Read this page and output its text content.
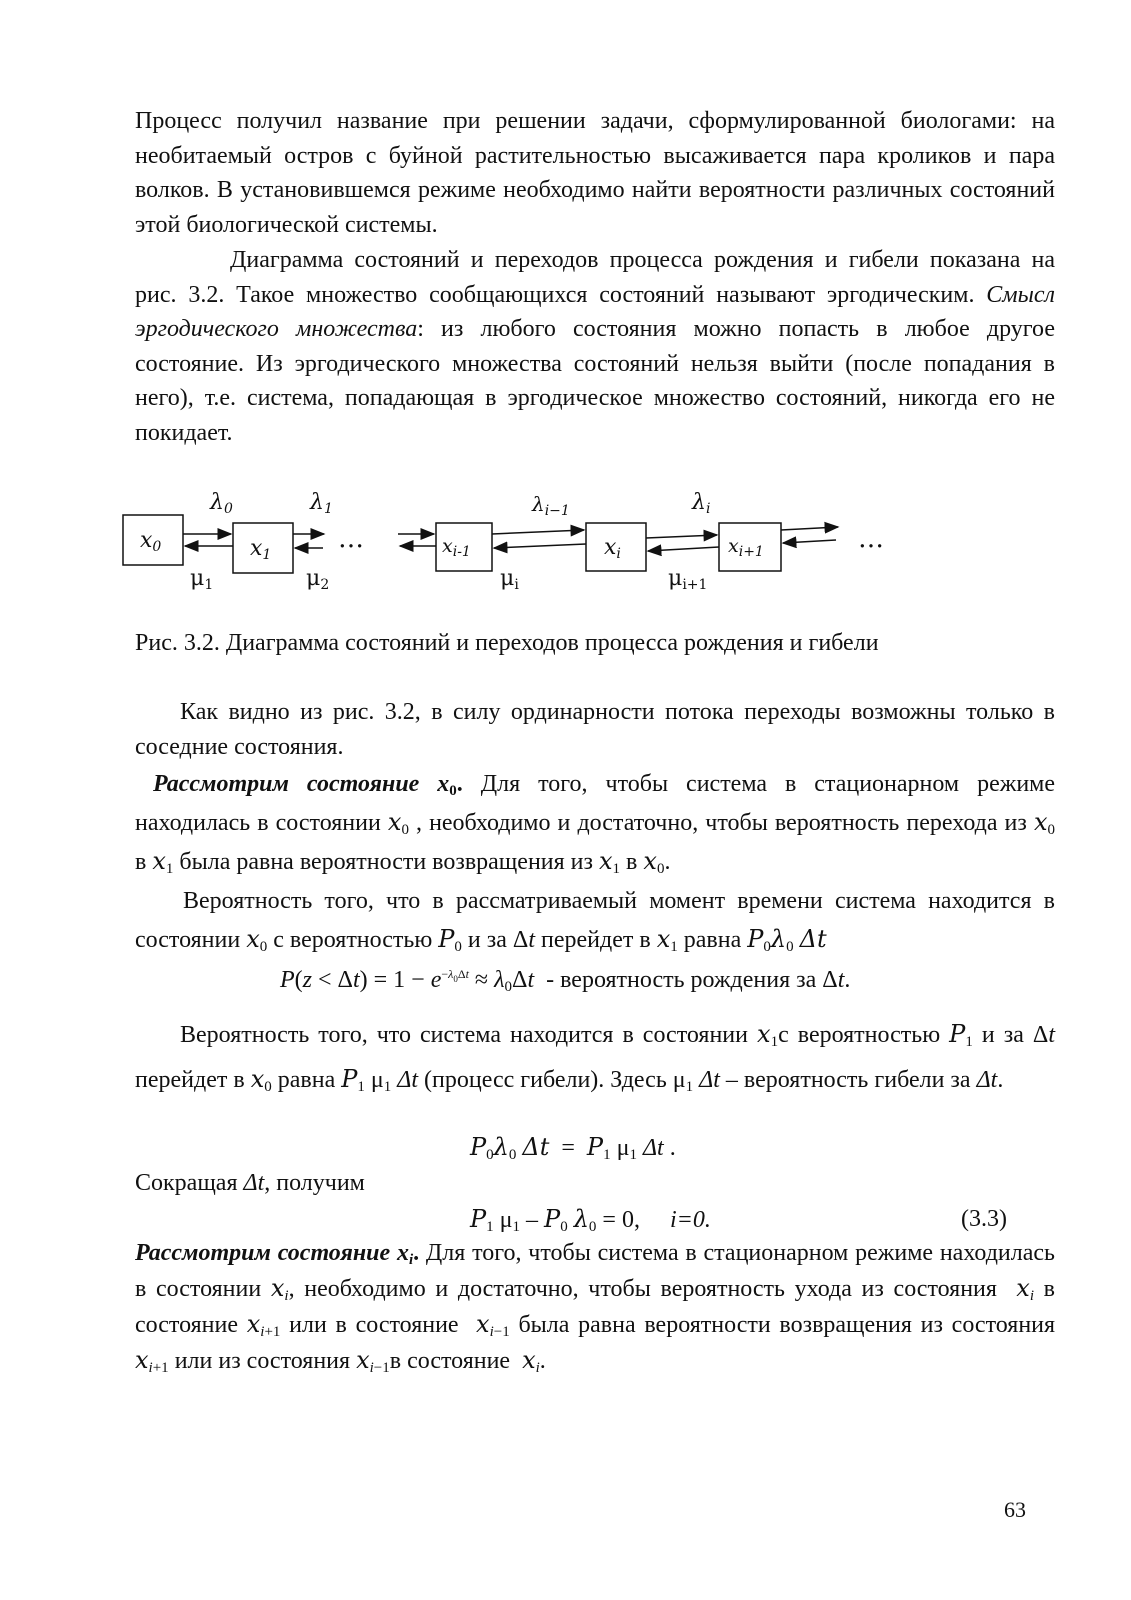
Процесс получил название при решении задачи, сформулированной биологами: на необитаемый остров с буйной растительностью высаживается пара кроликов и пара волков. В установившемся режиме необходимо найти вероятности различных состояний этой биологической системы.

Диаграмма состояний и переходов процесса рождения и гибели показана на рис. 3.2. Такое множество сообщающихся состояний называют эргодическим. Смысл эргодического множества: из любого состояния можно попасть в любое другое состояние. Из эргодического множества состояний нельзя выйти (после попадания в него), т.е. система, попадающая в эргодическое множество состояний, никогда его не покидает.

$x_0$	$x_1$	$x_{i-1}$	$x_i$	$x_{i+1}$
$\lambda_0$	$\lambda_1$	$\lambda_{i-1}$	$\lambda_i$
$\mu_1$	$\mu_2$	$\mu_i$	$\mu_{i+1}$
…	…

Рис. 3.2. Диаграмма состояний и переходов процесса рождения и гибели

Как видно из рис. 3.2, в силу ординарности потока переходы возможны только в соседние состояния.

Рассмотрим состояние $x_0$. Для того, чтобы система в стационарном режиме находилась в состоянии $x_0$ , необходимо и достаточно, чтобы вероятность перехода из $x_0$ в $x_1$ была равна вероятности возвращения из $x_1$ в $x_0$.

Вероятность того, что в рассматриваемый момент времени система находится в состоянии $x_0$ с вероятностью $P_0$ и за Δt перейдет в $x_1$ равна $P_0\lambda_0$ Δt

$P(z < \Delta t) = 1 - e^{-\lambda_0\Delta t} \approx \lambda_0\Delta t$ - вероятность рождения за Δt.

Вероятность того, что система находится в состоянии $x_1с$ вероятностью $P_1$ и за Δt перейдет в $x_0$ равна $P_1$ $\mu_1$ Δt (процесс гибели). Здесь $\mu_1$ Δt – вероятность гибели за Δt.

$P_0\lambda_0$ $\Delta t = P_1$ $\mu_1$ Δt .

Сокращая Δt, получим

$P_1$ $\mu_1 - P_0$ $\lambda_0 = 0$,     i=0.	(3.3)

Рассмотрим состояние $x_i$. Для того, чтобы система в стационарном режиме находилась в состоянии $x_i$, необходимо и достаточно, чтобы вероятность ухода из состояния $x_i$ в состояние $x_{i+1}$ или в состояние $x_{i-1}$ была равна вероятности возвращения из состояния $x_{i+1}$ или из состояния $x_{i-1}в$ состояние $x_i$.

63
